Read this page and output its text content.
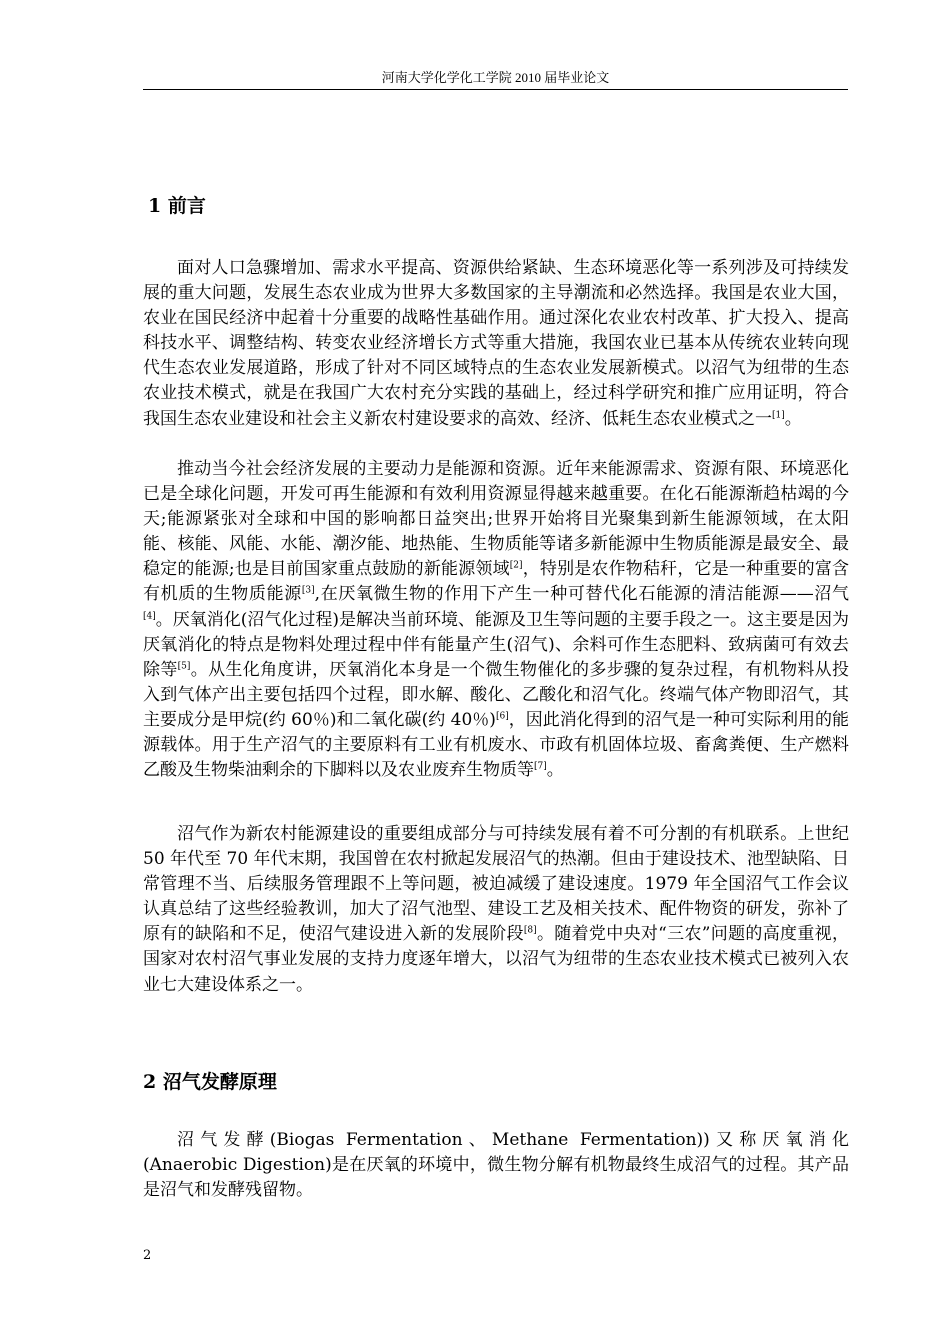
河南大学化学化工学院 2010 届毕业论文
1 前言

面对人口急骤增加、需求水平提高、资源供给紧缺、生态环境恶化等一系列涉及可持续发展的重大问题，发展生态农业成为世界大多数国家的主导潮流和必然选择。我国是农业大国，农业在国民经济中起着十分重要的战略性基础作用。通过深化农业农村改革、扩大投入、提高科技水平、调整结构、转变农业经济增长方式等重大措施，我国农业已基本从传统农业转向现代生态农业发展道路，形成了针对不同区域特点的生态农业发展新模式。以沼气为纽带的生态农业技术模式，就是在我国广大农村充分实践的基础上，经过科学研究和推广应用证明，符合我国生态农业建设和社会主义新农村建设要求的高效、经济、低耗生态农业模式之一[1]。

推动当今社会经济发展的主要动力是能源和资源。近年来能源需求、资源有限、环境恶化已是全球化问题，开发可再生能源和有效利用资源显得越来越重要。在化石能源渐趋枯竭的今天;能源紧张对全球和中国的影响都日益突出;世界开始将目光聚集到新生能源领域，在太阳能、核能、风能、水能、潮汐能、地热能、生物质能等诸多新能源中生物质能源是最安全、最稳定的能源;也是目前国家重点鼓励的新能源领域[2]，特别是农作物秸秆，它是一种重要的富含有机质的生物质能源[3],在厌氧微生物的作用下产生一种可替代化石能源的清洁能源——沼气[4]。厌氧消化(沼气化过程)是解决当前环境、能源及卫生等问题的主要手段之一。这主要是因为厌氧消化的特点是物料处理过程中伴有能量产生(沼气)、余料可作生态肥料、致病菌可有效去除等[5]。从生化角度讲，厌氧消化本身是一个微生物催化的多步骤的复杂过程，有机物料从投入到气体产出主要包括四个过程，即水解、酸化、乙酸化和沼气化。终端气体产物即沼气，其主要成分是甲烷(约 60％)和二氧化碳(约 40％)[6]，因此消化得到的沼气是一种可实际利用的能源载体。用于生产沼气的主要原料有工业有机废水、市政有机固体垃圾、畜禽粪便、生产燃料乙酸及生物柴油剩余的下脚料以及农业废弃生物质等[7]。

沼气作为新农村能源建设的重要组成部分与可持续发展有着不可分割的有机联系。上世纪 50 年代至 70 年代末期，我国曾在农村掀起发展沼气的热潮。但由于建设技术、池型缺陷、日常管理不当、后续服务管理跟不上等问题，被迫减缓了建设速度。1979 年全国沼气工作会议认真总结了这些经验教训，加大了沼气池型、建设工艺及相关技术、配件物资的研发，弥补了原有的缺陷和不足，使沼气建设进入新的发展阶段[8]。随着党中央对“三农”问题的高度重视，国家对农村沼气事业发展的支持力度逐年增大，以沼气为纽带的生态农业技术模式已被列入农业七大建设体系之一。

2 沼气发酵原理

沼气发酵(Biogas Fermentation、Methane Fermentation))又称厌氧消化(Anaerobic Digestion)是在厌氧的环境中，微生物分解有机物最终生成沼气的过程。其产品是沼气和发酵残留物。

2
